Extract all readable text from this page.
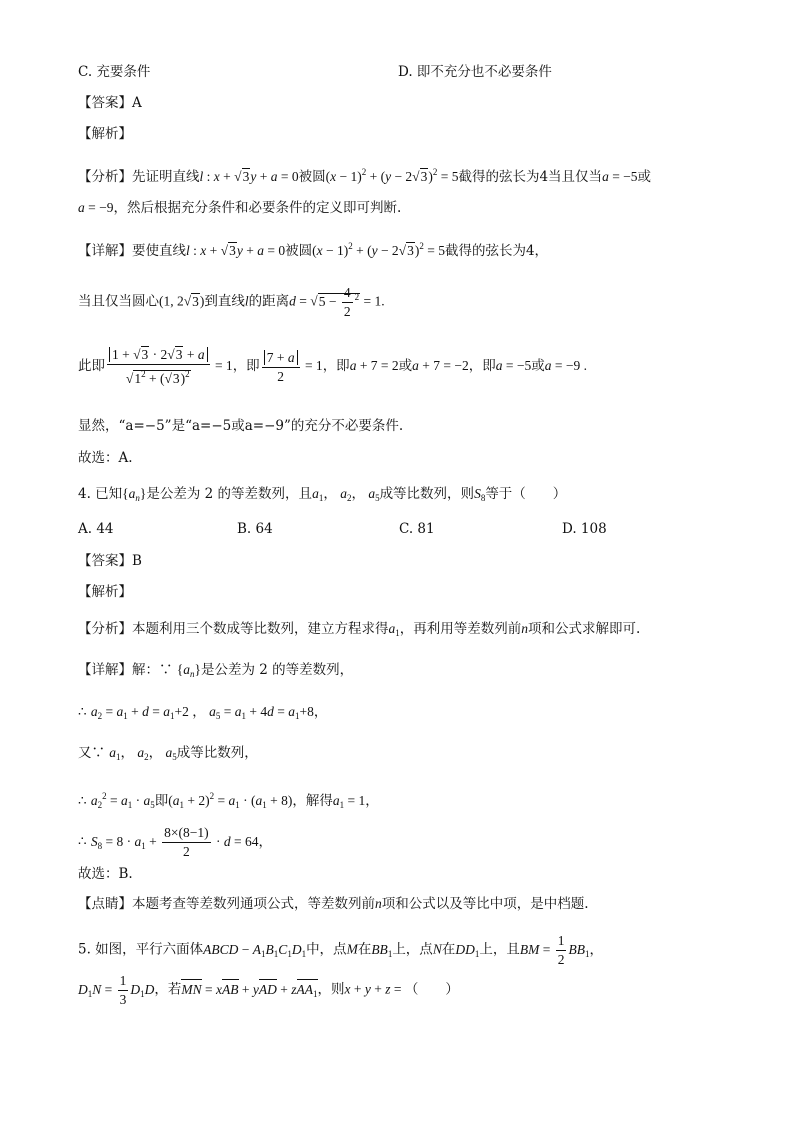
C. 充要条件	D. 即不充分也不必要条件
【答案】A
【解析】
【分析】先证明直线l : x + √3y + a = 0被圆$(x - 1)^2 + (y - 2√3)^2 = 5$截得的弦长为4当且仅当a = −5或
a = −9，然后根据充分条件和必要条件的定义即可判断.
【详解】要使直线l : x + √3y + a = 0被圆$(x - 1)^2 + (y - 2√3)^2 = 5$截得的弦长为4，
当且仅当圆心(1, 2√3)到直线l的距离$d = √5 - \frac{4}{2} ^2 = 1$.
此即 $\frac{1 + √3 \cdot 2√3 + a}{√1^2 + (√3)^2} = 1$，即 $\frac{7 + a}{2} = 1$，即a + 7 = 2或a + 7 = −2，即a = −5或a = −9 .
显然，“a=−5”是“a=−5或a=−9”的充分不必要条件.
故选：A.
4. 已知$\{a_n\}$是公差为 2 的等差数列，且$a_1$， $a_2$， $a_5$成等比数列，则$S_8$等于（　　）
A. 44	B. 64	C. 81	D. 108
【答案】B
【解析】
【分析】本题利用三个数成等比数列，建立方程求得$a_1$，再利用等差数列前n项和公式求解即可.
【详解】解：∵ $\{a_n\}$是公差为 2 的等差数列，
∴ $a_2 = a_1 + d = a_1+2$ ， $a_5 = a_1 + 4d = a_1+8$，
又∵ $a_1$， $a_2$， $a_5$成等比数列，
∴ $a_2^2 = a_1 \cdot a_5$即$(a_1 + 2)^2 = a_1 \cdot (a_1 + 8)$，解得$a_1 = 1$，
∴ $S_8 = 8 \cdot a_1 + \frac{8\times(8-1)}{2} \cdot d = 64$，
故选：B.
【点睛】本题考查等差数列通项公式，等差数列前n项和公式以及等比中项，是中档题.
5. 如图，平行六面体ABCD − $A_1B_1C_1D_1$中，点M在$BB_1$上，点N在$DD_1$上，且BM = $\frac{1}{2} BB_1$，
$D_1N = \frac{1}{3} D_1D$，若MN = xAB + yAD + zAA$_1$，则x + y + z = （　　）
